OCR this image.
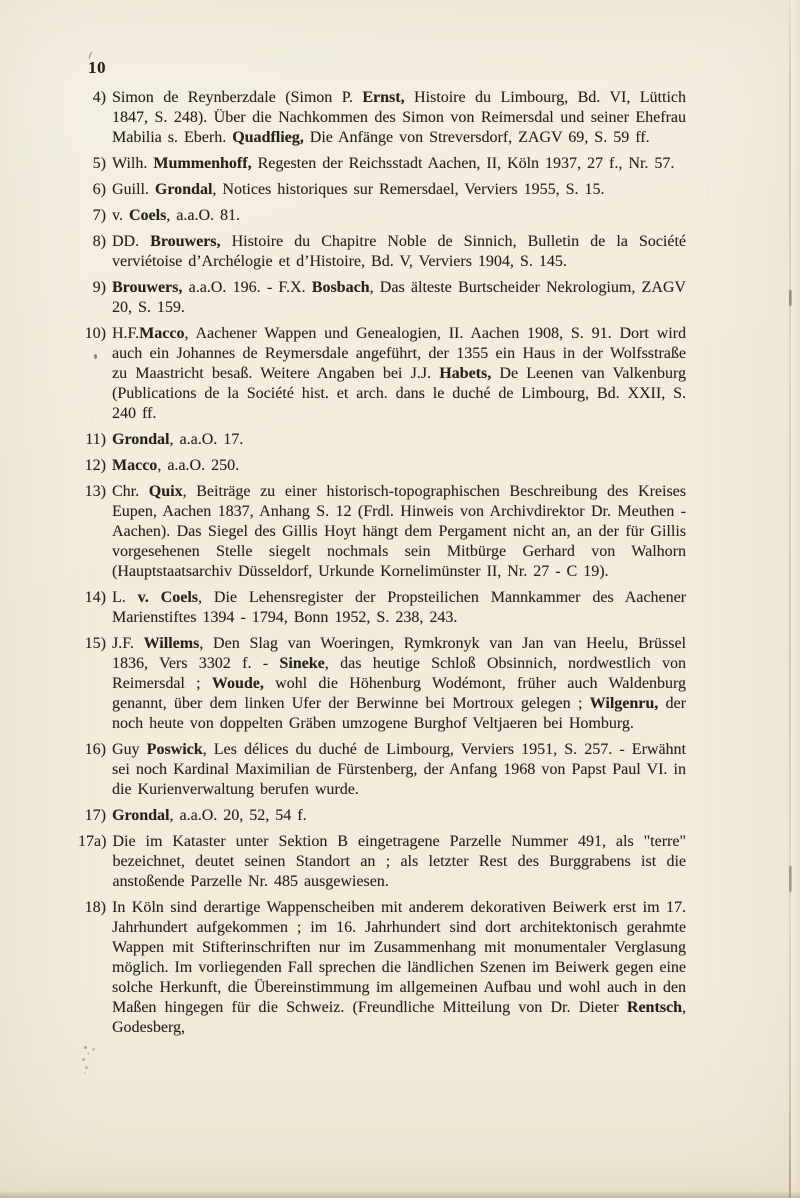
10
4) Simon de Reynberzdale (Simon P. Ernst, Histoire du Limbourg, Bd. VI, Lüttich 1847, S. 248). Über die Nachkommen des Simon von Reimersdal und seiner Ehefrau Mabilia s. Eberh. Quadflieg, Die Anfänge von Streversdorf, ZAGV 69, S. 59 ff.
5) Wilh. Mummenhoff, Regesten der Reichsstadt Aachen, II, Köln 1937, 27 f., Nr. 57.
6) Guill. Grondal, Notices historiques sur Remersdael, Verviers 1955, S. 15.
7) v. Coels, a.a.O. 81.
8) DD. Brouwers, Histoire du Chapitre Noble de Sinnich, Bulletin de la Société verviétoise d’Archélogie et d’Histoire, Bd. V, Verviers 1904, S. 145.
9) Brouwers, a.a.O. 196. - F.X. Bosbach, Das älteste Burtscheider Nekrologium, ZAGV 20, S. 159.
10) H.F.Macco, Aachener Wappen und Genealogien, II. Aachen 1908, S. 91. Dort wird auch ein Johannes de Reymersdale angeführt, der 1355 ein Haus in der Wolfsstraße zu Maastricht besaß. Weitere Angaben bei J.J. Habets, De Leenen van Valkenburg (Publications de la Société hist. et arch. dans le duché de Limbourg, Bd. XXII, S. 240 ff.
11) Grondal, a.a.O. 17.
12) Macco, a.a.O. 250.
13) Chr. Quix, Beiträge zu einer historisch-topographischen Beschreibung des Kreises Eupen, Aachen 1837, Anhang S. 12 (Frdl. Hinweis von Archivdirektor Dr. Meuthen - Aachen). Das Siegel des Gillis Hoyt hängt dem Pergament nicht an, an der für Gillis vorgesehenen Stelle siegelt nochmals sein Mitbürge Gerhard von Walhorn (Hauptstaatsarchiv Düsseldorf, Urkunde Kornelimünster II, Nr. 27 - C 19).
14) L. v. Coels, Die Lehensregister der Propsteilichen Mannkammer des Aachener Marienstiftes 1394 - 1794, Bonn 1952, S. 238, 243.
15) J.F. Willems, Den Slag van Woeringen, Rymkronyk van Jan van Heelu, Brüssel 1836, Vers 3302 f. - Sineke, das heutige Schloß Obsinnich, nordwestlich von Reimersdal ; Woude, wohl die Höhenburg Wodémont, früher auch Waldenburg genannt, über dem linken Ufer der Berwinne bei Mortroux gelegen ; Wilgenru, der noch heute von doppelten Gräben umzogene Burghof Veltjaeren bei Homburg.
16) Guy Poswick, Les délices du duché de Limbourg, Verviers 1951, S. 257. - Erwähnt sei noch Kardinal Maximilian de Fürstenberg, der Anfang 1968 von Papst Paul VI. in die Kurienverwaltung berufen wurde.
17) Grondal, a.a.O. 20, 52, 54 f.
17a) Die im Kataster unter Sektion B eingetragene Parzelle Nummer 491, als "terre" bezeichnet, deutet seinen Standort an ; als letzter Rest des Burggrabens ist die anstoßende Parzelle Nr. 485 ausgewiesen.
18) In Köln sind derartige Wappenscheiben mit anderem dekorativen Beiwerk erst im 17. Jahrhundert aufgekommen ; im 16. Jahrhundert sind dort architektonisch gerahmte Wappen mit Stifterinschriften nur im Zusammenhang mit monumentaler Verglasung möglich. Im vorliegenden Fall sprechen die ländlichen Szenen im Beiwerk gegen eine solche Herkunft, die Übereinstimmung im allgemeinen Aufbau und wohl auch in den Maßen hingegen für die Schweiz. (Freundliche Mitteilung von Dr. Dieter Rentsch, Godesberg,
